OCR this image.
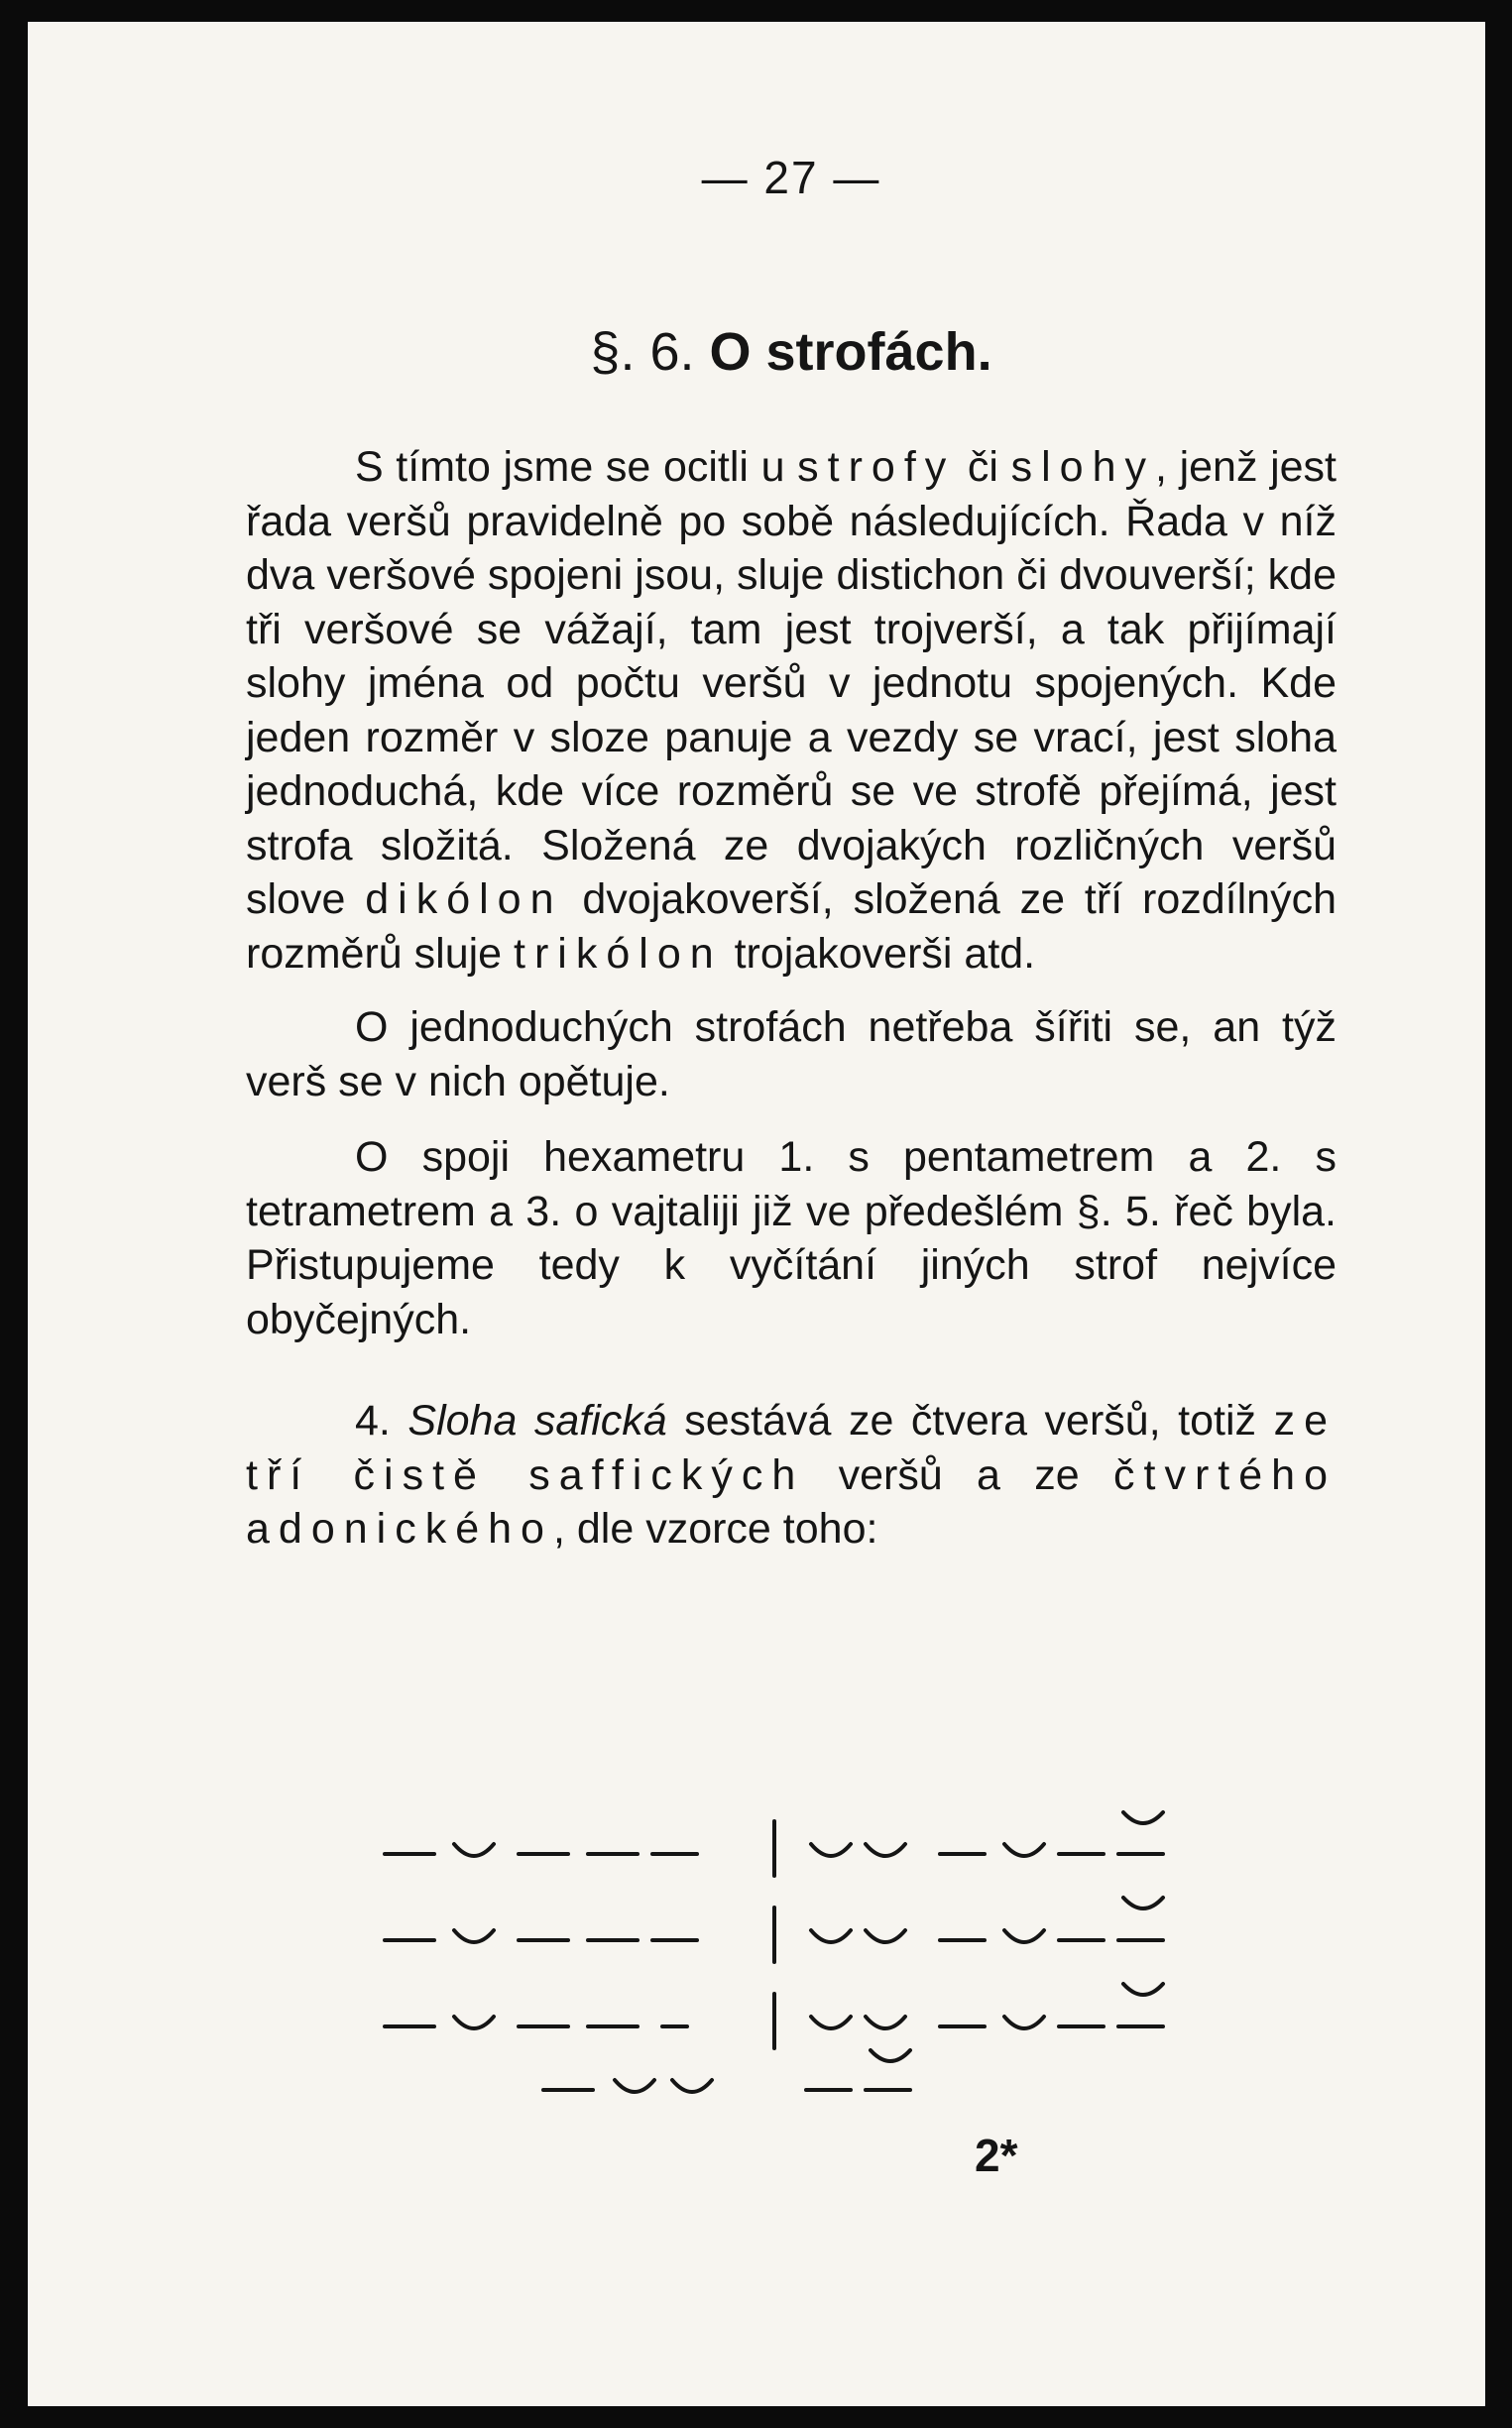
— 27 —
§. 6. O strofách.

S tímto jsme se ocitli u strofy či slohy, jenž jest řada veršů pravidelně po sobě následujících. Řada v níž dva veršové spojeni jsou, sluje distichon či dvouverší; kde tři veršové se vážají, tam jest trojverší, a tak přijímají slohy jména od počtu veršů v jednotu spojených. Kde jeden rozměr v sloze panuje a vezdy se vrací, jest sloha jednoduchá, kde více rozměrů se ve strofě přejímá, jest strofa složitá. Složená ze dvojakých rozličných veršů slove dikólon dvojakoverší, složená ze tří rozdílných rozměrů sluje trikólon trojakoverši atd.

O jednoduchých strofách netřeba šířiti se, an týž verš se v nich opětuje.

O spoji hexametru 1. s pentametrem a 2. s tetrametrem a 3. o vajtaliji již ve předešlém §. 5. řeč byla. Přistupujeme tedy k vyčítání jiných strof nejvíce obyčejných.

4. Sloha safická sestává ze čtvera veršů, totiž ze tří čistě saffických veršů a ze čtvrtého adonického, dle vzorce toho:

2*
